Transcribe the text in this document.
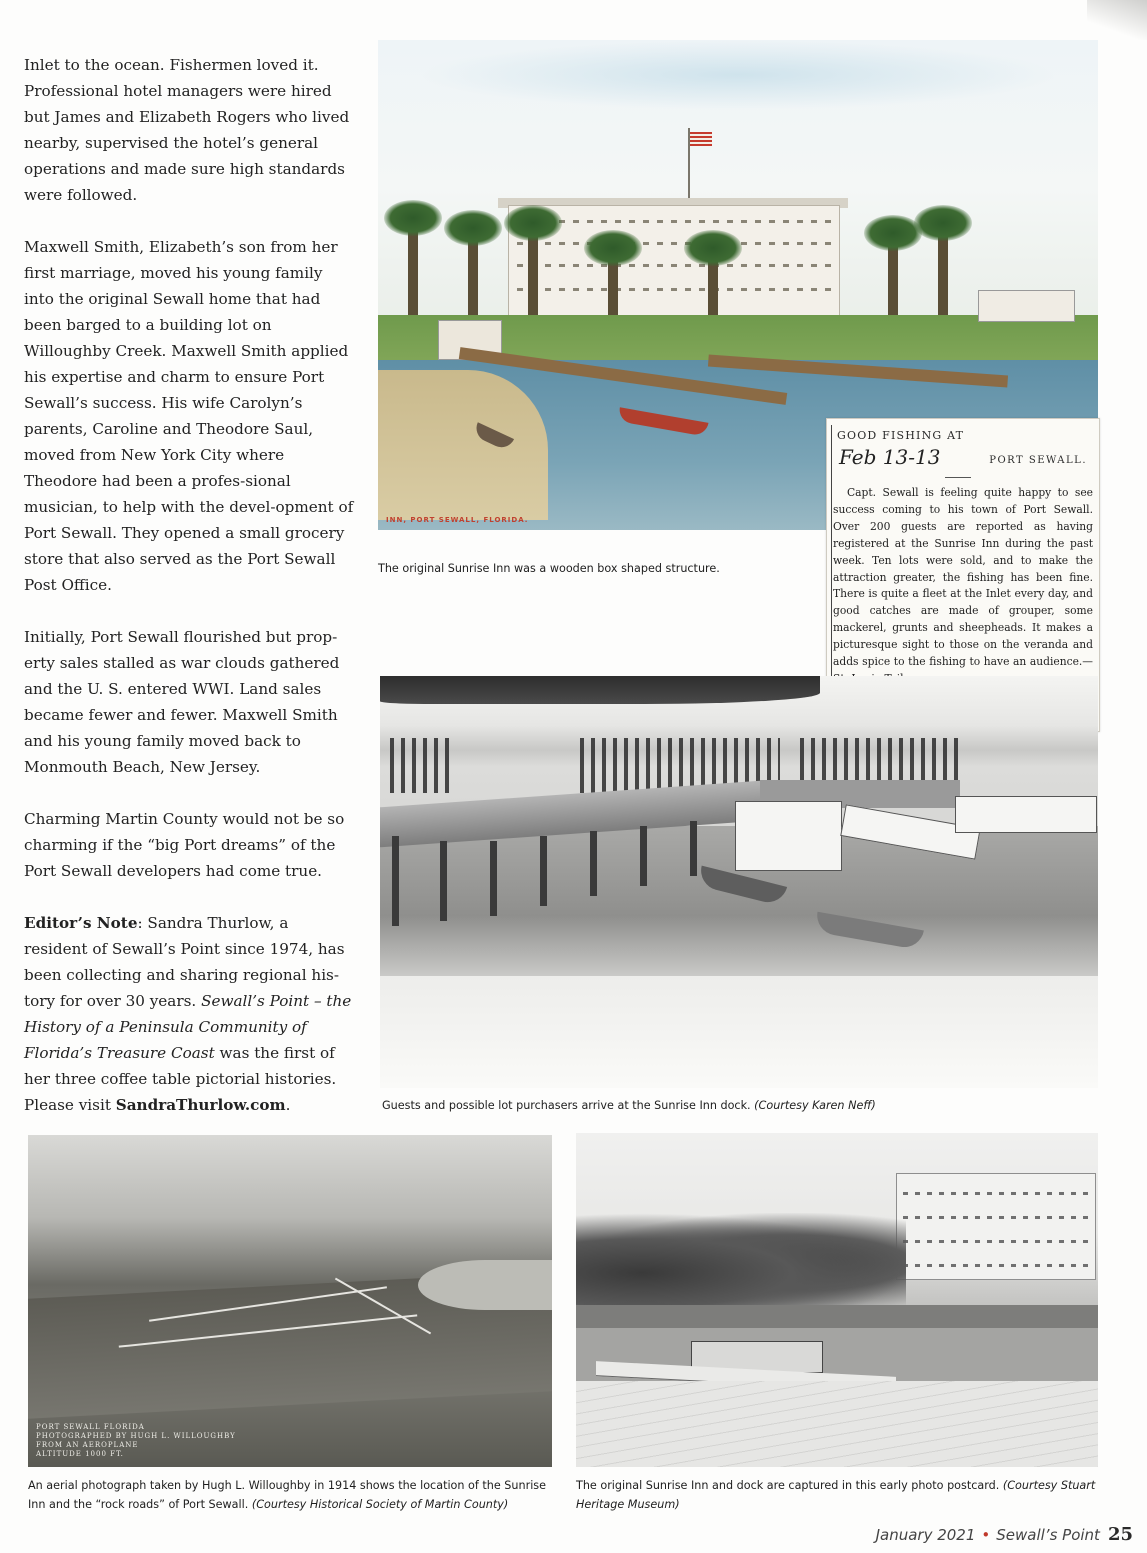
Inlet to the ocean. Fishermen loved it. Professional hotel managers were hired but James and Elizabeth Rogers who lived nearby, supervised the hotel’s general operations and made sure high standards were followed.

Maxwell Smith, Elizabeth’s son from her first marriage, moved his young family into the original Sewall home that had been barged to a building lot on Willoughby Creek. Maxwell Smith applied his expertise and charm to ensure Port Sewall’s success. His wife Carolyn’s parents, Caroline and Theodore Saul, moved from New York City where Theodore had been a profes-sional musician, to help with the devel-opment of Port Sewall. They opened a small grocery store that also served as the Port Sewall Post Office.

Initially, Port Sewall flourished but prop-erty sales stalled as war clouds gathered and the U. S. entered WWI. Land sales became fewer and fewer. Maxwell Smith and his young family moved back to Monmouth Beach, New Jersey.

Charming Martin County would not be so charming if the “big Port dreams” of the Port Sewall developers had come true.

Editor’s Note: Sandra Thurlow, a resident of Sewall’s Point since 1974, has been collecting and sharing regional his-tory for over 30 years. Sewall’s Point – the History of a Peninsula Community of Florida’s Treasure Coast was the first of her three coffee table pictorial histories. Please visit SandraThurlow.com.

INN, PORT SEWALL, FLORIDA.
The original Sunrise Inn was a wooden box shaped structure.
GOOD FISHING AT
Feb 13-13	PORT SEWALL.
Capt. Sewall is feeling quite happy to see success coming to his town of Port Sewall. Over 200 guests are reported as having registered at the Sunrise Inn during the past week. Ten lots were sold, and to make the attraction greater, the fishing has been fine. There is quite a fleet at the Inlet every day, and good catches are made of grouper, some mackerel, grunts and sheepheads. It makes a picturesque sight to those on the veranda and adds spice to the fishing to have an audience.—
Guests and possible lot purchasers arrive at the Sunrise Inn dock. (Courtesy Karen Neff)
PORT SEWALL FLORIDA
PHOTOGRAPHED BY HUGH L. WILLOUGHBY
FROM AN AEROPLANE
ALTITUDE 1000 FT.
An aerial photograph taken by Hugh L. Willoughby in 1914 shows the location of the Sunrise Inn and the “rock roads” of Port Sewall. (Courtesy Historical Society of Martin County)
The original Sunrise Inn and dock are captured in this early photo postcard. (Courtesy Stuart Heritage Museum)
January 2021 • Sewall’s Point 25
